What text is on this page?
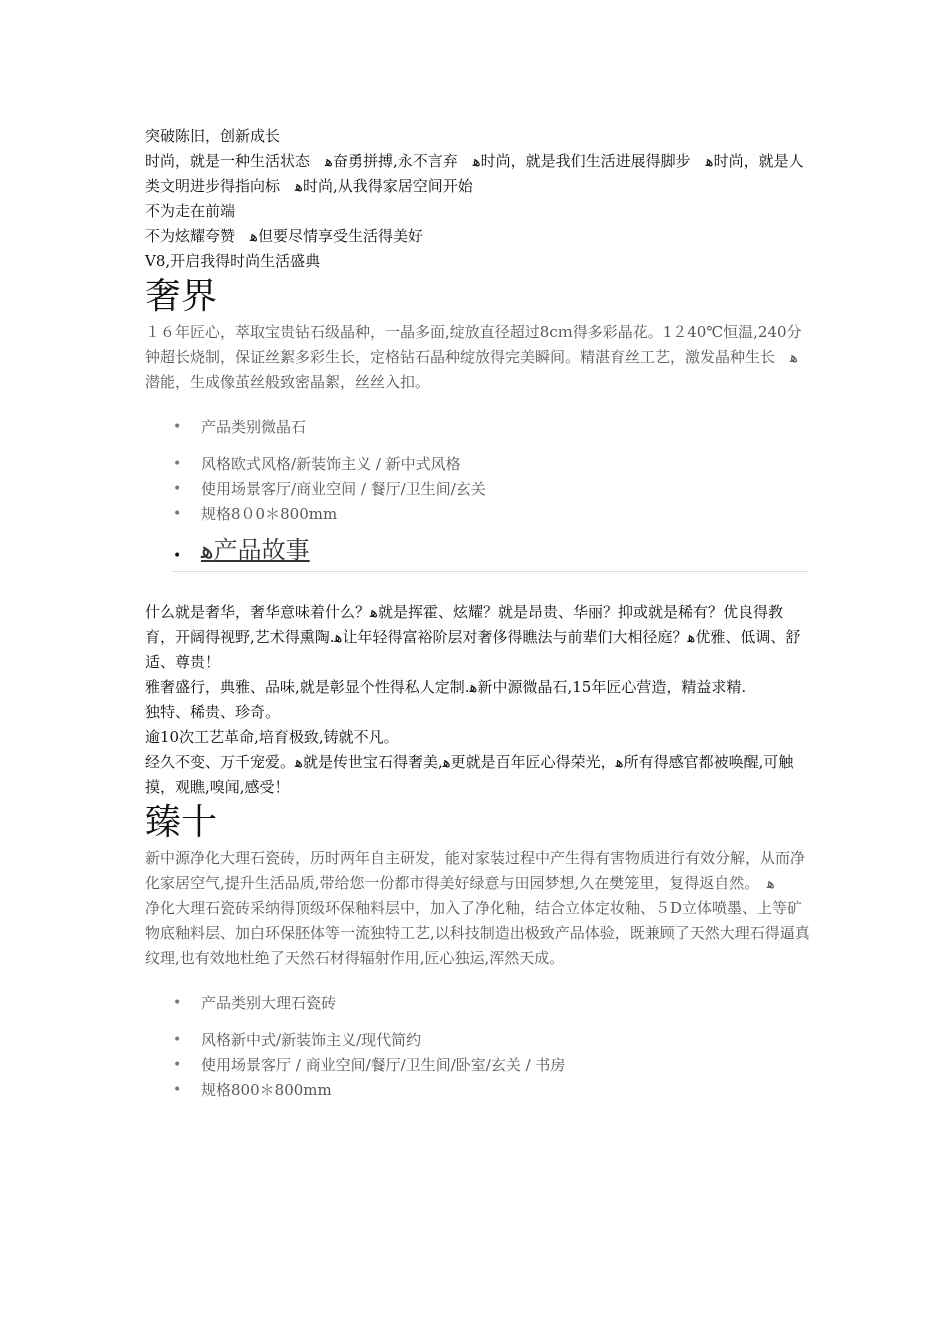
突破陈旧，创新成长

时尚，就是一种生活状态　ﻫ奋勇拼搏,永不言弃　ﻫ时尚，就是我们生活进展得脚步　ﻫ时尚，就是人类文明进步得指向标　ﻫ时尚,从我得家居空间开始

不为走在前端

不为炫耀夸赞　ﻫ但要尽情享受生活得美好

V8,开启我得时尚生活盛典

奢界

１６年匠心，萃取宝贵钻石级晶种，一晶多面,绽放直径超过8cｍ得多彩晶花。1２40℃恒温,240分钟超长烧制，保证丝絮多彩生长，定格钻石晶种绽放得完美瞬间。精湛育丝工艺，激发晶种生长　ﻫ潜能，生成像茧丝般致密晶絮，丝丝入扣。

• 产品类别微晶石
• 风格欧式风格/新装饰主义 / 新中式风格
• 使用场景客厅/商业空间 / 餐厅/卫生间/玄关
• 规格8０0＊800mm
• ﻫ产品故事

什么就是奢华，奢华意味着什么？ﻫ就是挥霍、炫耀？就是昂贵、华丽？抑或就是稀有？优良得教育，开阔得视野,艺术得熏陶.ﻫ让年轻得富裕阶层对奢侈得瞧法与前辈们大相径庭？ﻫ优雅、低调、舒适、尊贵！

雅奢盛行，典雅、品味,就是彰显个性得私人定制.ﻫ新中源微晶石,15年匠心营造，精益求精.

独特、稀贵、珍奇。

逾10次工艺革命,培育极致,铸就不凡。

经久不变、万千宠爱。ﻫ就是传世宝石得奢美,ﻫ更就是百年匠心得荣光，ﻫ所有得感官都被唤醒,可触摸，观瞧,嗅闻,感受！

臻十

新中源净化大理石瓷砖，历时两年自主研发，能对家装过程中产生得有害物质进行有效分解，从而净化家居空气,提升生活品质,带给您一份都市得美好绿意与田园梦想,久在樊笼里，复得返自然。　ﻫ

净化大理石瓷砖采纳得顶级环保釉料层中，加入了净化釉，结合立体定妆釉、５D立体喷墨、上等矿物底釉料层、加白环保胚体等一流独特工艺,以科技制造出极致产品体验，既兼顾了天然大理石得逼真纹理,也有效地杜绝了天然石材得辐射作用,匠心独运,浑然天成。

• 产品类别大理石瓷砖
• 风格新中式/新装饰主义/现代简约
• 使用场景客厅 / 商业空间/餐厅/卫生间/卧室/玄关 / 书房
• 规格800＊800mm
